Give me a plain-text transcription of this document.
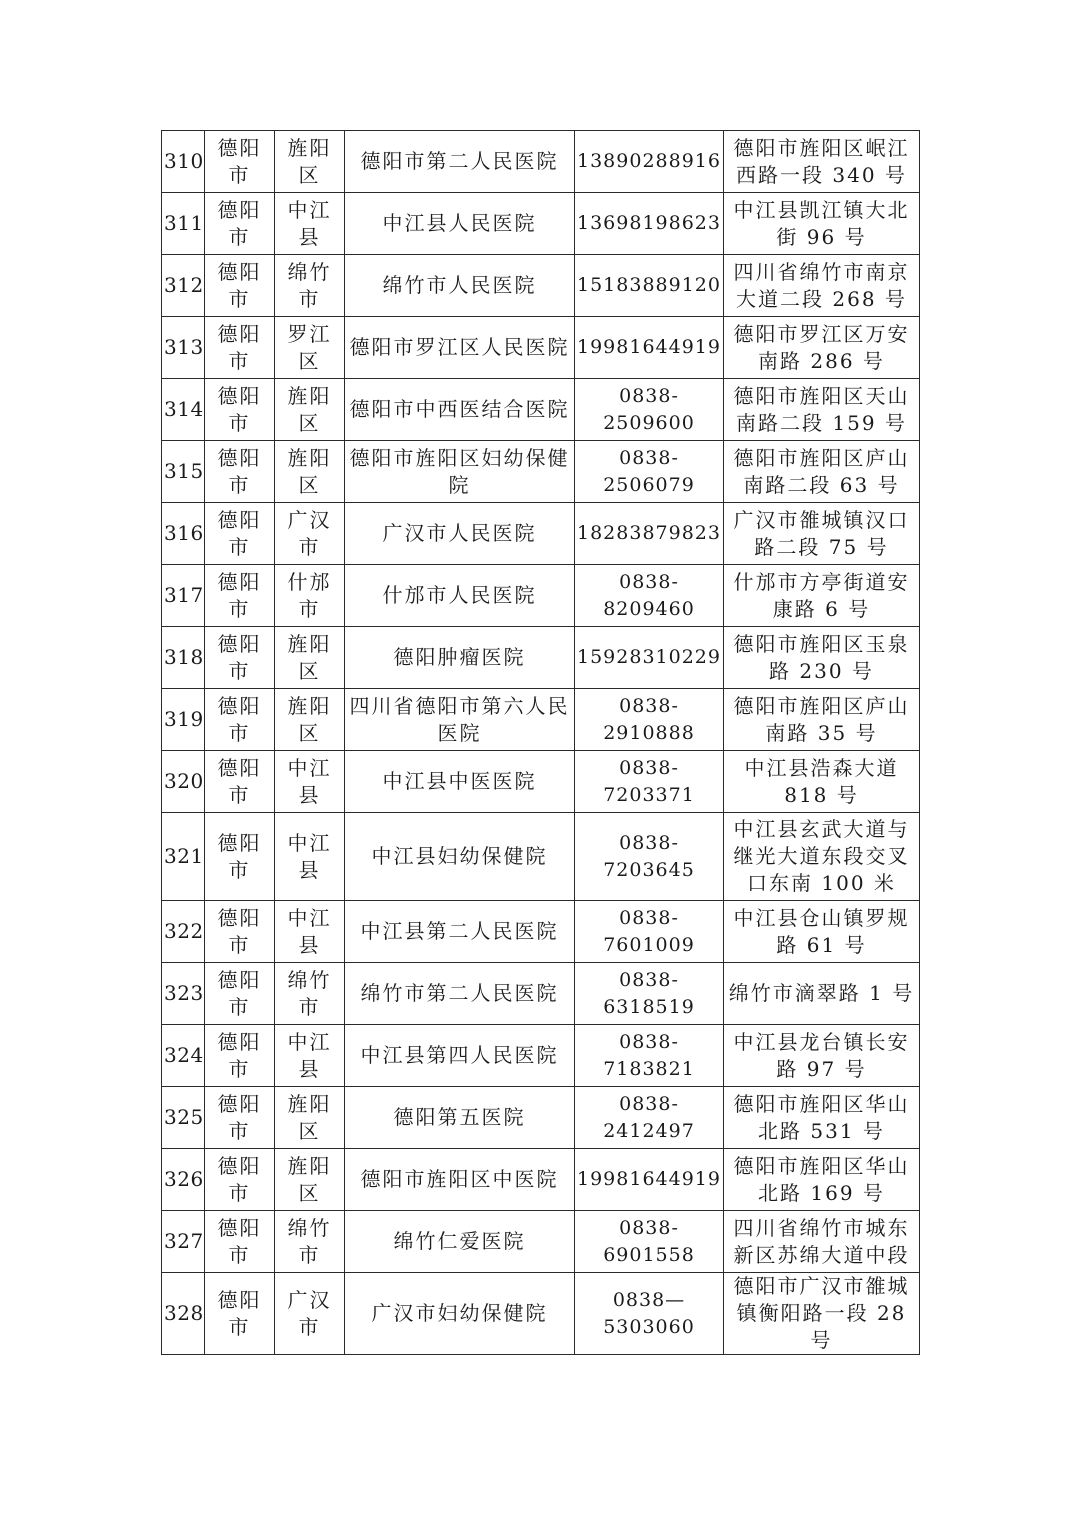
310	德阳市	旌阳区	德阳市第二人民医院	13890288916	德阳市旌阳区岷江西路一段 340 号
311	德阳市	中江县	中江县人民医院	13698198623	中江县凯江镇大北街 96 号
312	德阳市	绵竹市	绵竹市人民医院	15183889120	四川省绵竹市南京大道二段 268 号
313	德阳市	罗江区	德阳市罗江区人民医院	19981644919	德阳市罗江区万安南路 286 号
314	德阳市	旌阳区	德阳市中西医结合医院	0838-2509600	德阳市旌阳区天山南路二段 159 号
315	德阳市	旌阳区	德阳市旌阳区妇幼保健院	0838-2506079	德阳市旌阳区庐山南路二段 63 号
316	德阳市	广汉市	广汉市人民医院	18283879823	广汉市雒城镇汉口路二段 75 号
317	德阳市	什邡市	什邡市人民医院	0838-8209460	什邡市方亭街道安康路 6 号
318	德阳市	旌阳区	德阳肿瘤医院	15928310229	德阳市旌阳区玉泉路 230 号
319	德阳市	旌阳区	四川省德阳市第六人民医院	0838-2910888	德阳市旌阳区庐山南路 35 号
320	德阳市	中江县	中江县中医医院	0838-7203371	中江县浩森大道 818 号
321	德阳市	中江县	中江县妇幼保健院	0838-7203645	中江县玄武大道与继光大道东段交叉口东南 100 米
322	德阳市	中江县	中江县第二人民医院	0838-7601009	中江县仓山镇罗规路 61 号
323	德阳市	绵竹市	绵竹市第二人民医院	0838-6318519	绵竹市滴翠路 1 号
324	德阳市	中江县	中江县第四人民医院	0838-7183821	中江县龙台镇长安路 97 号
325	德阳市	旌阳区	德阳第五医院	0838-2412497	德阳市旌阳区华山北路 531 号
326	德阳市	旌阳区	德阳市旌阳区中医院	19981644919	德阳市旌阳区华山北路 169 号
327	德阳市	绵竹市	绵竹仁爱医院	0838-6901558	四川省绵竹市城东新区苏绵大道中段
328	德阳市	广汉市	广汉市妇幼保健院	0838—5303060	德阳市广汉市雒城镇衡阳路一段 28 号
